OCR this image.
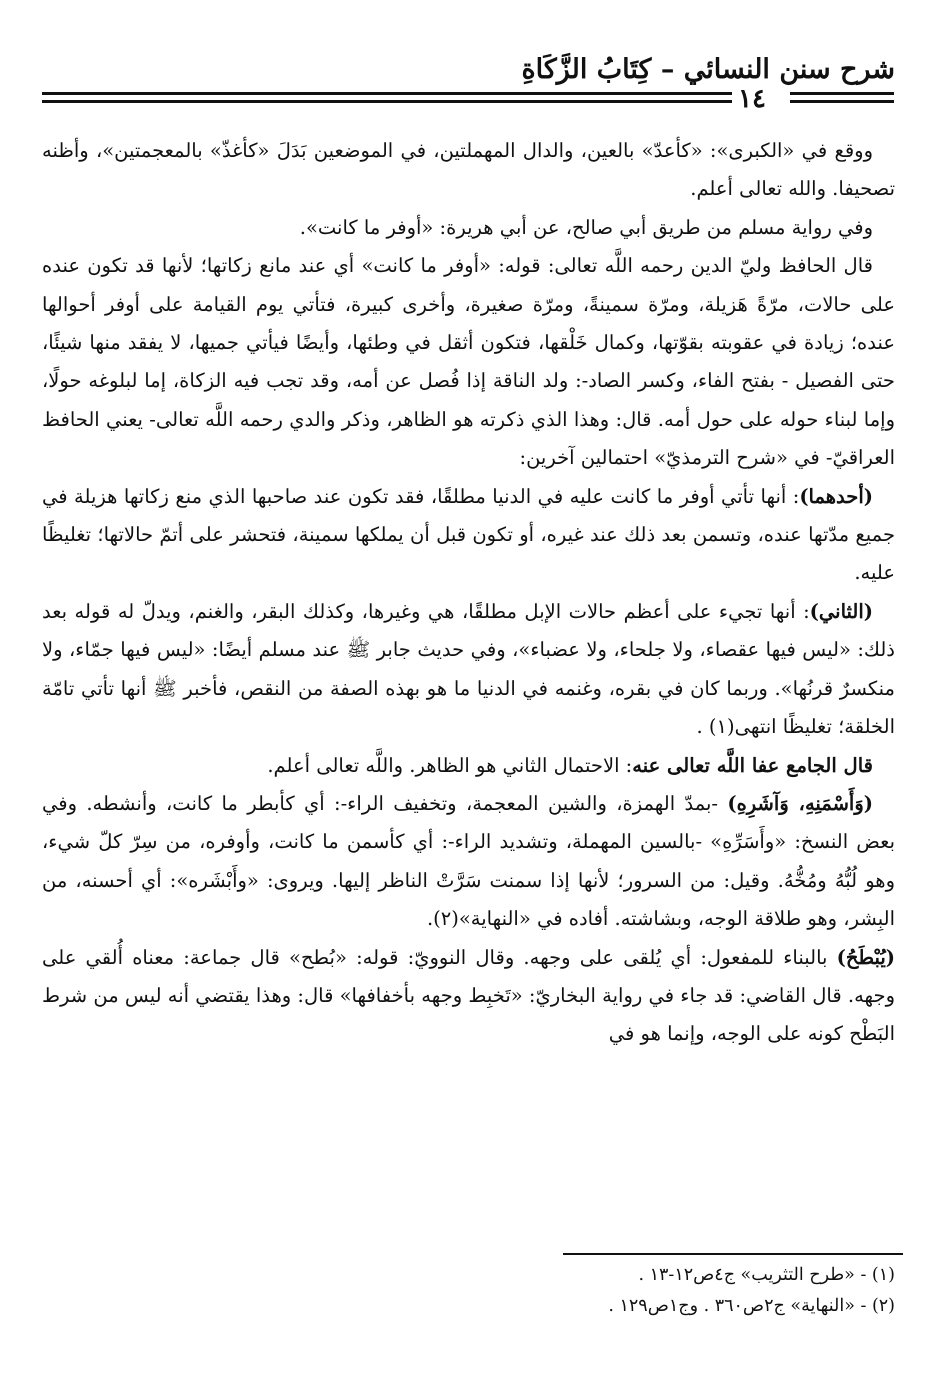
شرح سنن النسائي – كِتَابُ الزَّكَاةِ
١٤

ووقع في «الكبرى»: «كأعدّ» بالعين، والدال المهملتين، في الموضعين بَدَلَ «كأغذّ» بالمعجمتين»، وأظنه تصحيفا. والله تعالى أعلم.

وفي رواية مسلم من طريق أبي صالح، عن أبي هريرة: «أوفر ما كانت».

قال الحافظ وليّ الدين رحمه اللَّه تعالى: قوله: «أوفر ما كانت» أي عند مانع زكاتها؛ لأنها قد تكون عنده على حالات، مرّةً هَزيلة، ومرّة سمينةً، ومرّة صغيرة، وأخرى كبيرة، فتأتي يوم القيامة على أوفر أحوالها عنده؛ زيادة في عقوبته بقوّتها، وكمال خَلْقها، فتكون أثقل في وطئها، وأيضًا فيأتي جميها، لا يفقد منها شيئًا، حتى الفصيل - بفتح الفاء، وكسر الصاد-: ولد الناقة إذا فُصل عن أمه، وقد تجب فيه الزكاة، إما لبلوغه حولًا، وإما لبناء حوله على حول أمه. قال: وهذا الذي ذكرته هو الظاهر، وذكر والدي رحمه اللَّه تعالى- يعني الحافظ العراقيّ- في «شرح الترمذيّ» احتمالين آخرين:

(أحدهما): أنها تأتي أوفر ما كانت عليه في الدنيا مطلقًا، فقد تكون عند صاحبها الذي منع زكاتها هزيلة في جميع مدّتها عنده، وتسمن بعد ذلك عند غيره، أو تكون قبل أن يملكها سمينة، فتحشر على أتمّ حالاتها؛ تغليظًا عليه.

(الثاني): أنها تجيء على أعظم حالات الإبل مطلقًا، هي وغيرها، وكذلك البقر، والغنم، ويدلّ له قوله بعد ذلك: «ليس فيها عقصاء، ولا جلحاء، ولا عضباء»، وفي حديث جابر ﷺ عند مسلم أيضًا: «ليس فيها جمّاء، ولا منكسرٌ قرنُها». وربما كان في بقره، وغنمه في الدنيا ما هو بهذه الصفة من النقص، فأخبر ﷺ أنها تأتي تامّة الخلقة؛ تغليظًا انتهى(١) .

قال الجامع عفا اللَّه تعالى عنه: الاحتمال الثاني هو الظاهر. واللَّه تعالى أعلم.

(وَأَسْمَنِهِ، وَآشَرِهِ) -بمدّ الهمزة، والشين المعجمة، وتخفيف الراء-: أي كأبطر ما كانت، وأنشطه. وفي بعض النسخ: «وأَسَرِّهِ» -بالسين المهملة، وتشديد الراء-: أي كأسمن ما كانت، وأوفره، من سِرّ كلّ شيء، وهو لُبُّهُ ومُخُّهُ. وقيل: من السرور؛ لأنها إذا سمنت سَرَّتْ الناظر إليها. ويروى: «وأَبْشَره»: أي أحسنه، من البِشر، وهو طلاقة الوجه، وبشاشته. أفاده في «النهاية»(٢).

(يُبْطَحُ) بالبناء للمفعول: أي يُلقى على وجهه. وقال النوويّ: قوله: «بُطح» قال جماعة: معناه أُلقي على وجهه. قال القاضي: قد جاء في رواية البخاريّ: «تَخبِط وجهه بأخفافها» قال: وهذا يقتضي أنه ليس من شرط البَطْح كونه على الوجه، وإنما هو في

(١) - «طرح التثريب» ج٤ص١٢-١٣ .
(٢) - «النهاية» ج٢ص٣٦٠ . وج١ص١٢٩ .
